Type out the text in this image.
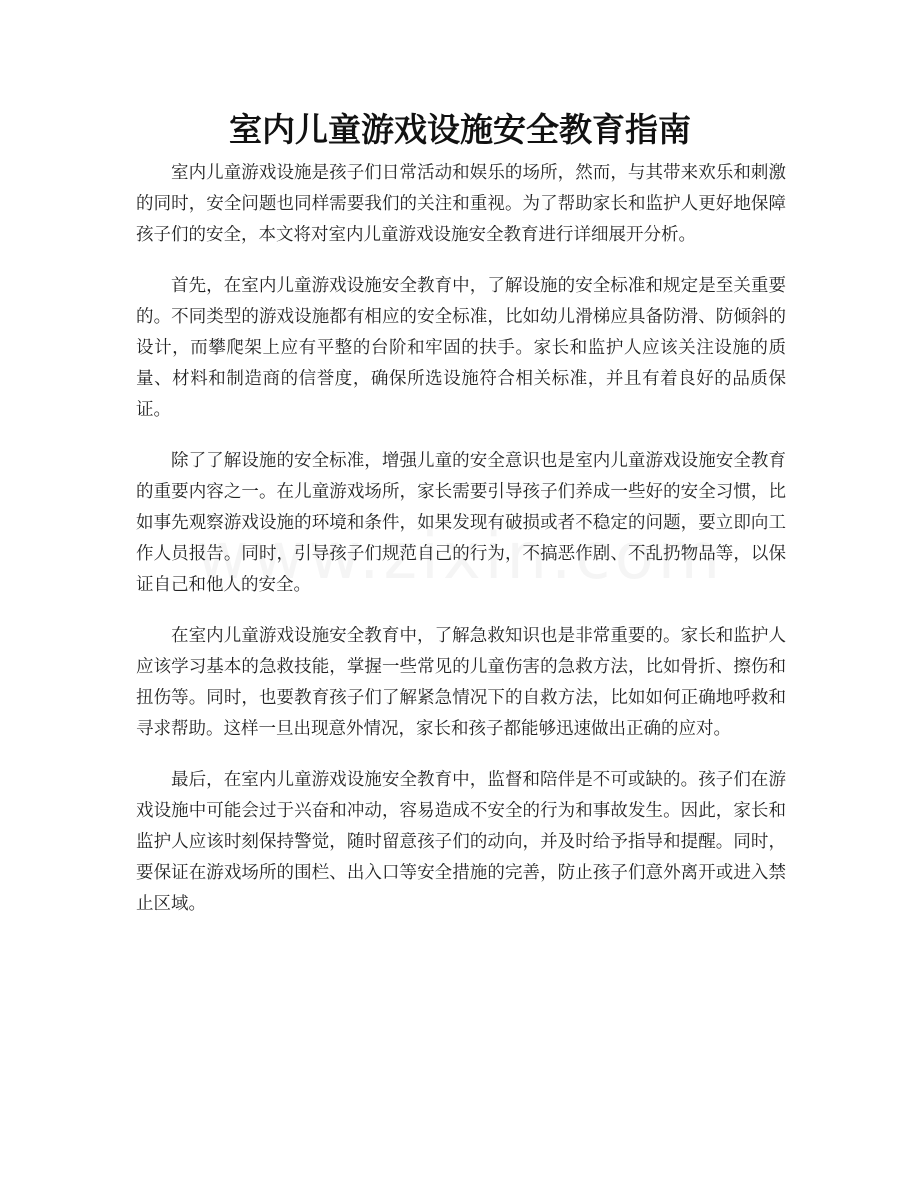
室内儿童游戏设施安全教育指南

室内儿童游戏设施是孩子们日常活动和娱乐的场所，然而，与其带来欢乐和刺激的同时，安全问题也同样需要我们的关注和重视。为了帮助家长和监护人更好地保障孩子们的安全，本文将对室内儿童游戏设施安全教育进行详细展开分析。

首先，在室内儿童游戏设施安全教育中，了解设施的安全标准和规定是至关重要的。不同类型的游戏设施都有相应的安全标准，比如幼儿滑梯应具备防滑、防倾斜的设计，而攀爬架上应有平整的台阶和牢固的扶手。家长和监护人应该关注设施的质量、材料和制造商的信誉度，确保所选设施符合相关标准，并且有着良好的品质保证。

除了了解设施的安全标准，增强儿童的安全意识也是室内儿童游戏设施安全教育的重要内容之一。在儿童游戏场所，家长需要引导孩子们养成一些好的安全习惯，比如事先观察游戏设施的环境和条件，如果发现有破损或者不稳定的问题，要立即向工作人员报告。同时，引导孩子们规范自己的行为，不搞恶作剧、不乱扔物品等，以保证自己和他人的安全。

在室内儿童游戏设施安全教育中，了解急救知识也是非常重要的。家长和监护人应该学习基本的急救技能，掌握一些常见的儿童伤害的急救方法，比如骨折、擦伤和扭伤等。同时，也要教育孩子们了解紧急情况下的自救方法，比如如何正确地呼救和寻求帮助。这样一旦出现意外情况，家长和孩子都能够迅速做出正确的应对。

最后，在室内儿童游戏设施安全教育中，监督和陪伴是不可或缺的。孩子们在游戏设施中可能会过于兴奋和冲动，容易造成不安全的行为和事故发生。因此，家长和监护人应该时刻保持警觉，随时留意孩子们的动向，并及时给予指导和提醒。同时，要保证在游戏场所的围栏、出入口等安全措施的完善，防止孩子们意外离开或进入禁止区域。
